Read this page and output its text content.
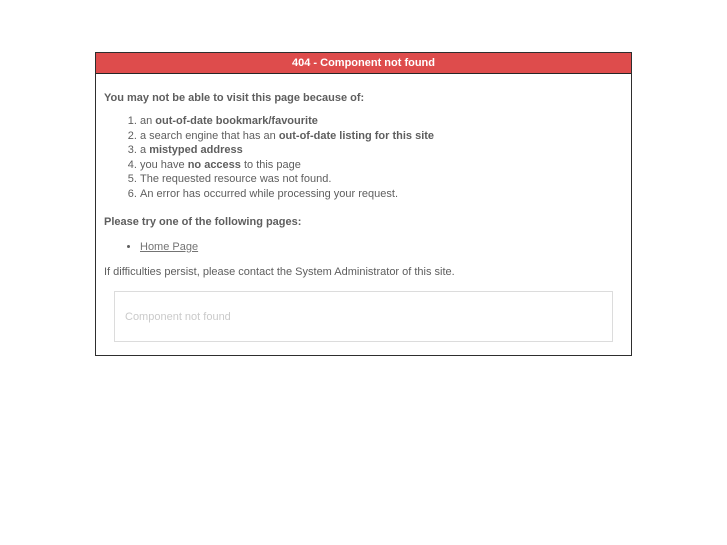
404 - Component not found

You may not be able to visit this page because of:

1. an out-of-date bookmark/favourite
2. a search engine that has an out-of-date listing for this site
3. a mistyped address
4. you have no access to this page
5. The requested resource was not found.
6. An error has occurred while processing your request.

Please try one of the following pages:

• Home Page

If difficulties persist, please contact the System Administrator of this site.

Component not found
